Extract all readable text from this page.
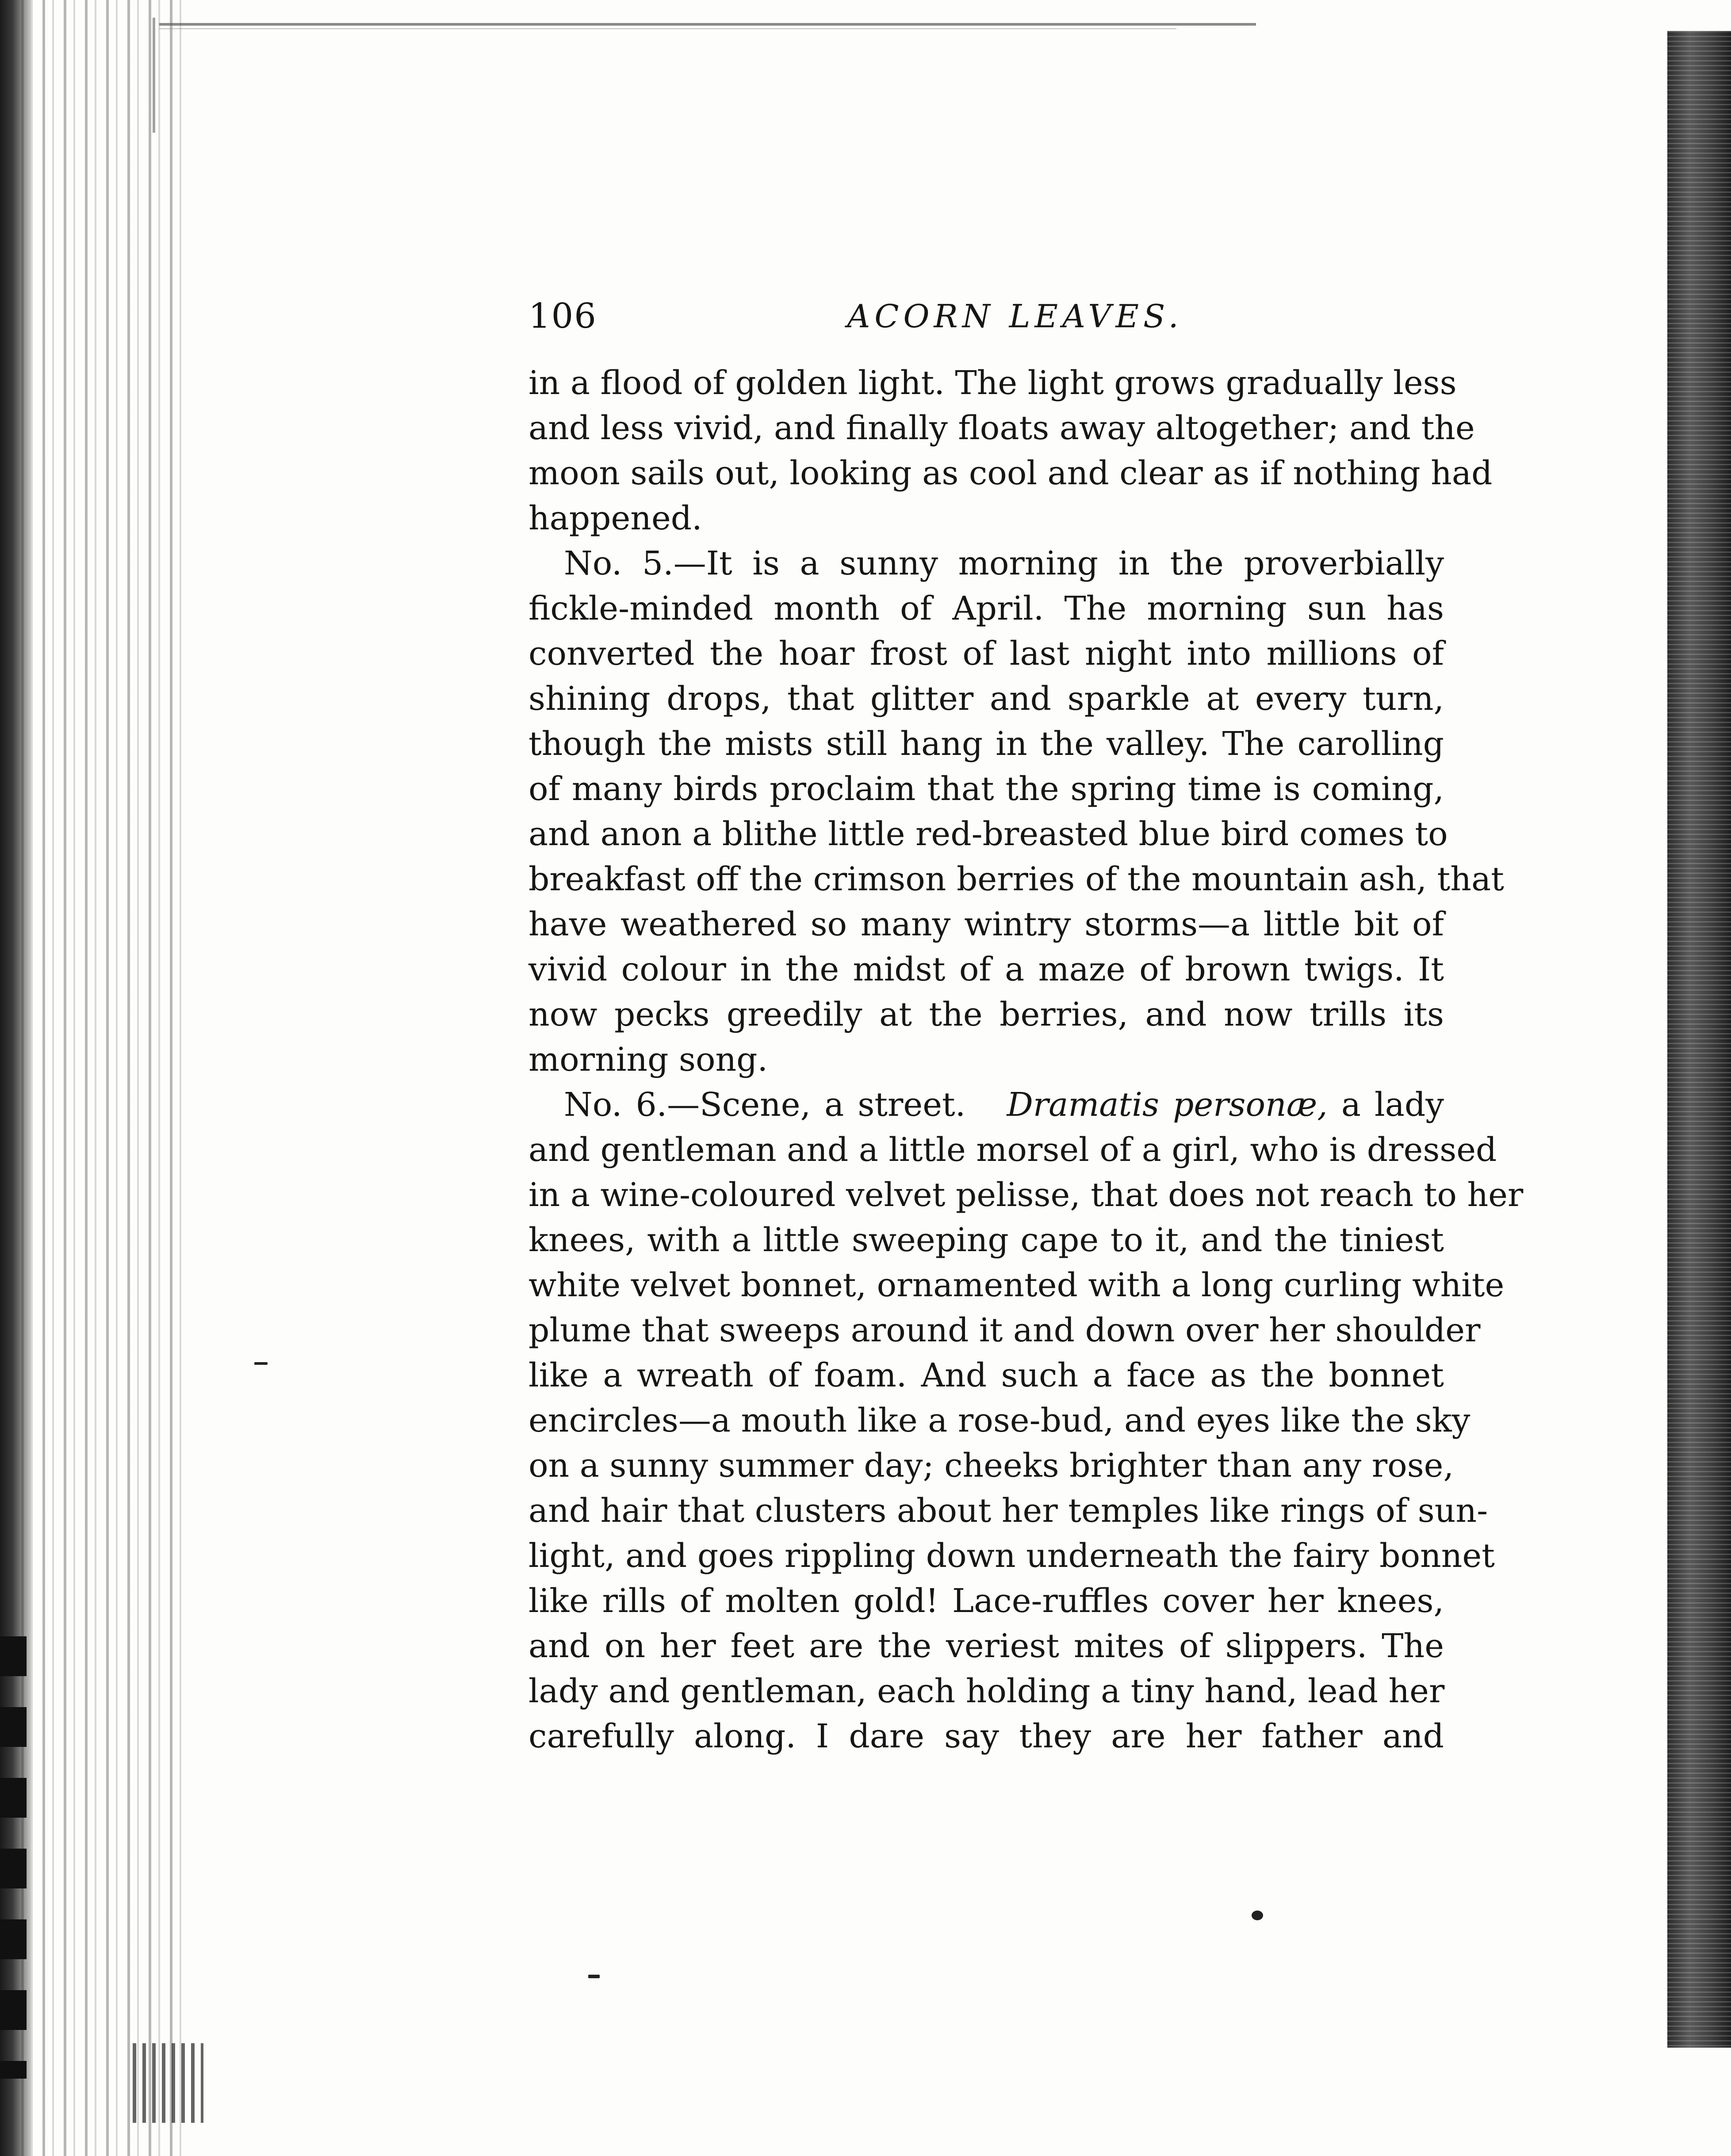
106	ACORN LEAVES.
in a flood of golden light. The light grows gradually less
and less vivid, and finally floats away altogether; and the
moon sails out, looking as cool and clear as if nothing had
happened.
No. 5.—It is a sunny morning in the proverbially
fickle-minded month of April. The morning sun has
converted the hoar frost of last night into millions of
shining drops, that glitter and sparkle at every turn,
though the mists still hang in the valley. The carolling
of many birds proclaim that the spring time is coming,
and anon a blithe little red-breasted blue bird comes to
breakfast off the crimson berries of the mountain ash, that
have weathered so many wintry storms—a little bit of
vivid colour in the midst of a maze of brown twigs. It
now pecks greedily at the berries, and now trills its
morning song.
No. 6.—Scene, a street. Dramatis personæ, a lady
and gentleman and a little morsel of a girl, who is dressed
in a wine-coloured velvet pelisse, that does not reach to her
knees, with a little sweeping cape to it, and the tiniest
white velvet bonnet, ornamented with a long curling white
plume that sweeps around it and down over her shoulder
like a wreath of foam. And such a face as the bonnet
encircles—a mouth like a rose-bud, and eyes like the sky
on a sunny summer day; cheeks brighter than any rose,
and hair that clusters about her temples like rings of sun-
light, and goes rippling down underneath the fairy bonnet
like rills of molten gold! Lace-ruffles cover her knees,
and on her feet are the veriest mites of slippers. The
lady and gentleman, each holding a tiny hand, lead her
carefully along. I dare say they are her father and
